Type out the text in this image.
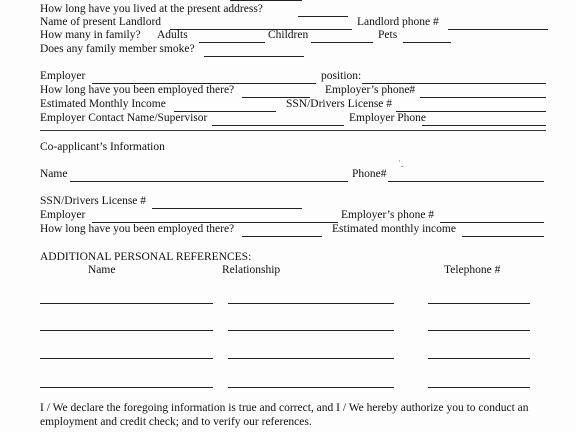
How long have you lived at the present address?
Name of present Landlord	Landlord phone #
How many in family? Adults	Children	Pets
Does any family member smoke?
Employer	position:
How long have you been employed there?	Employer’s phone#
Estimated Monthly Income	SSN/Drivers License #
Employer Contact Name/Supervisor	Employer Phone
Co-applicant’s Information
Name	Phone#
˙.
SSN/Drivers License #
Employer	Employer’s phone #
How long have you been employed there?	Estimated monthly income
ADDITIONAL PERSONAL REFERENCES:
Name	Relationship	Telephone #
I / We declare the foregoing information is true and correct, and I / We hereby authorize you to conduct an
employment and credit check; and to verify our references.
